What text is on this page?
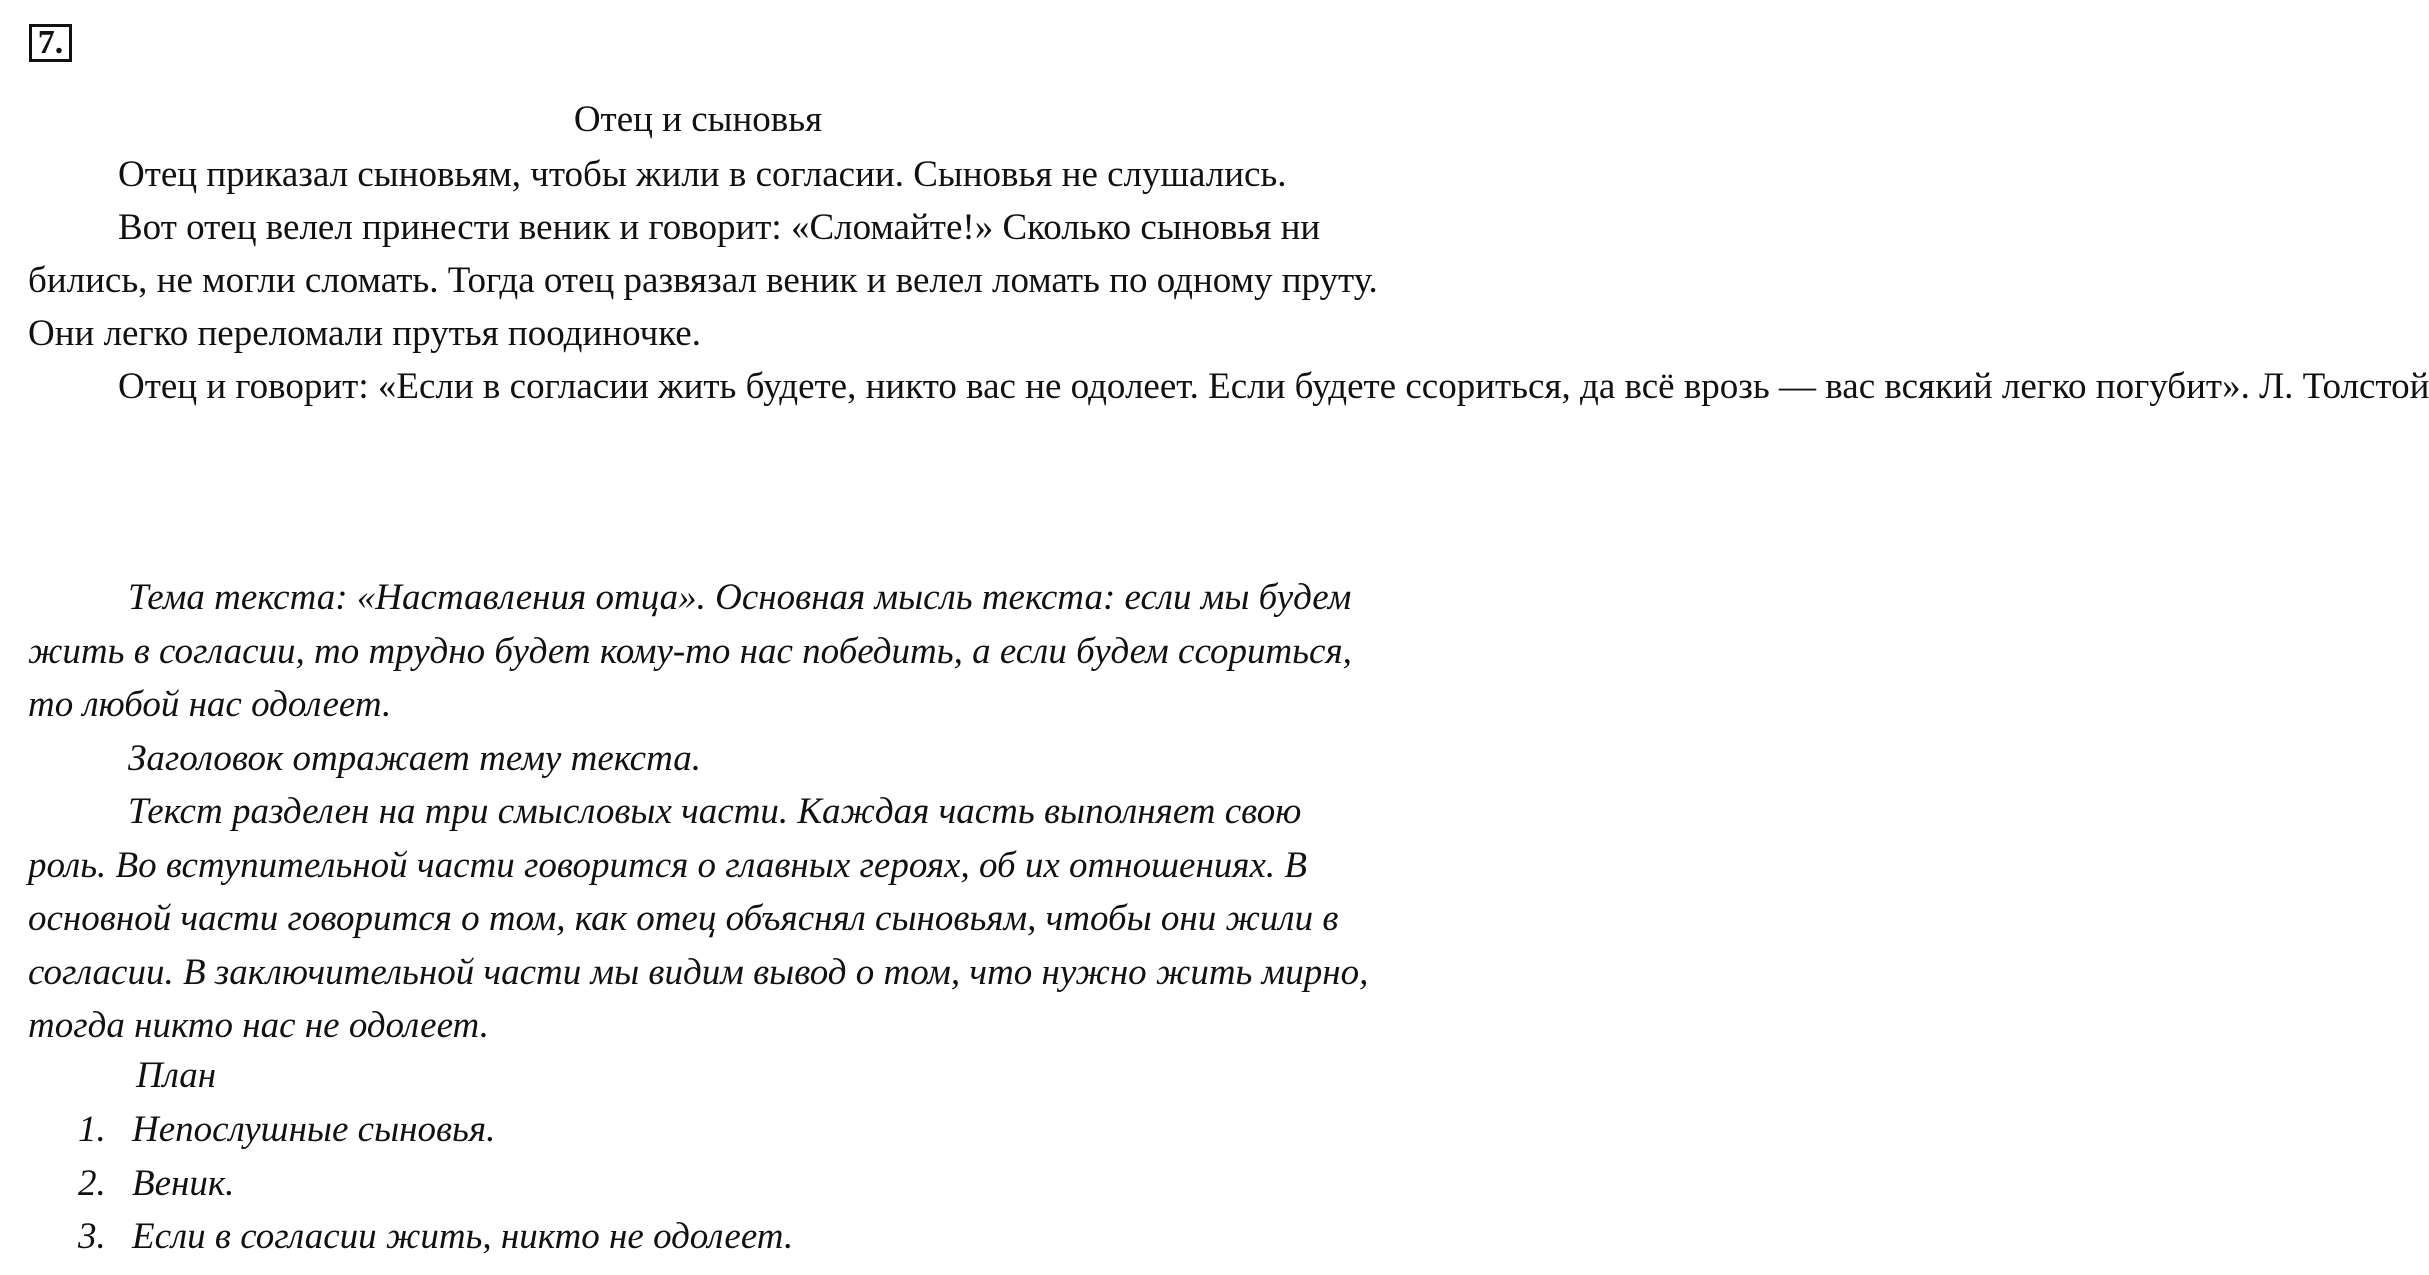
7.
Отец и сыновья

Отец приказал сыновьям, чтобы жили в согласии. Сыновья не слушались.

Вот отец велел принести веник и говорит: «Сломайте!» Сколько сыновья ни бились, не могли сломать. Тогда отец развязал веник и велел ломать по одному пруту. Они легко переломали прутья поодиночке.

Отец и говорит: «Если в согласии жить будете, никто вас не одолеет. Если будете ссориться, да всё врозь — вас всякий легко погубит». Л. Толстой

Тема текста: «Наставления отца». Основная мысль текста: если мы будем жить в согласии, то трудно будет кому-то нас победить, а если будем ссориться, то любой нас одолеет.

Заголовок отражает тему текста.

Текст разделен на три смысловых части. Каждая часть выполняет свою роль. Во вступительной части говорится о главных героях, об их отношениях. В основной части говорится о том, как отец объяснял сыновьям, чтобы они жили в согласии. В заключительной части мы видим вывод о том, что нужно жить мирно, тогда никто нас не одолеет.

План
1. Непослушные сыновья.
2. Веник.
3. Если в согласии жить, никто не одолеет.
